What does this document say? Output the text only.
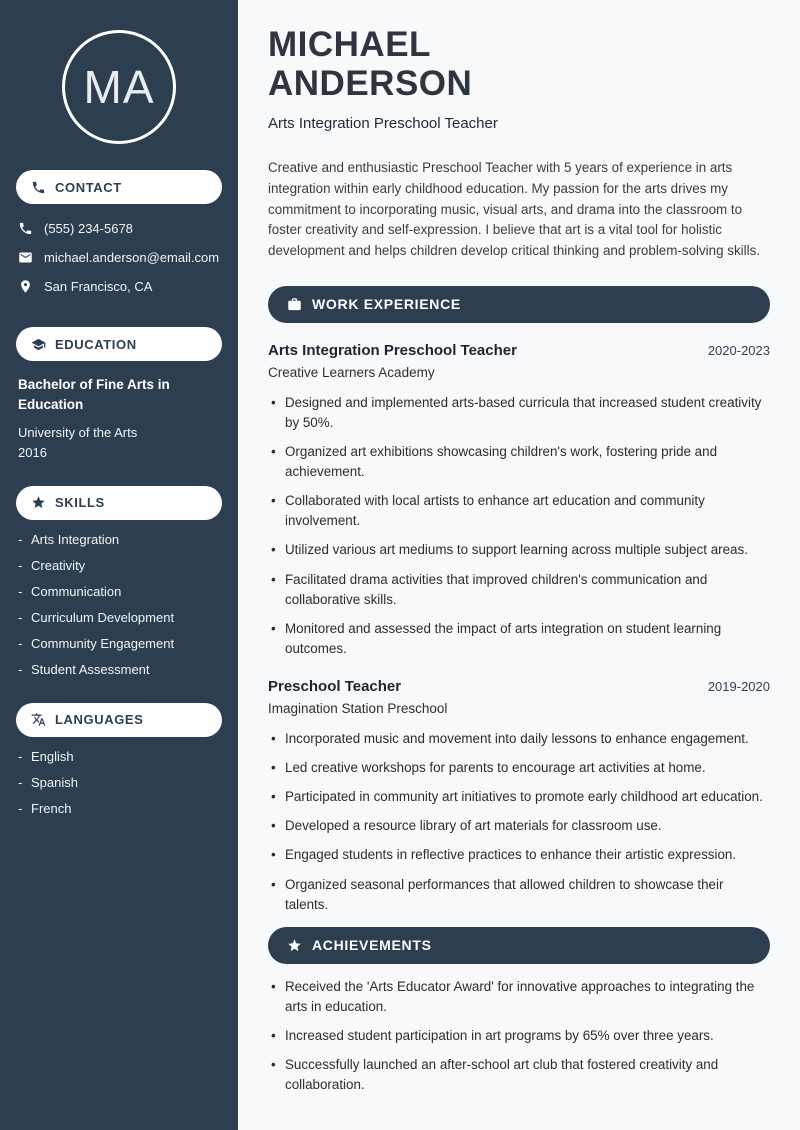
MA
CONTACT
(555) 234-5678
michael.anderson@email.com
San Francisco, CA
EDUCATION
Bachelor of Fine Arts in Education
University of the Arts
2016
SKILLS
- Arts Integration
- Creativity
- Communication
- Curriculum Development
- Community Engagement
- Student Assessment
LANGUAGES
- English
- Spanish
- French
MICHAEL
ANDERSON
Arts Integration Preschool Teacher

Creative and enthusiastic Preschool Teacher with 5 years of experience in arts integration within early childhood education. My passion for the arts drives my commitment to incorporating music, visual arts, and drama into the classroom to foster creativity and self-expression. I believe that art is a vital tool for holistic development and helps children develop critical thinking and problem-solving skills.

WORK EXPERIENCE
Arts Integration Preschool Teacher	2020-2023
Creative Learners Academy
• Designed and implemented arts-based curricula that increased student creativity by 50%.
• Organized art exhibitions showcasing children's work, fostering pride and achievement.
• Collaborated with local artists to enhance art education and community involvement.
• Utilized various art mediums to support learning across multiple subject areas.
• Facilitated drama activities that improved children's communication and collaborative skills.
• Monitored and assessed the impact of arts integration on student learning outcomes.
Preschool Teacher	2019-2020
Imagination Station Preschool
• Incorporated music and movement into daily lessons to enhance engagement.
• Led creative workshops for parents to encourage art activities at home.
• Participated in community art initiatives to promote early childhood art education.
• Developed a resource library of art materials for classroom use.
• Engaged students in reflective practices to enhance their artistic expression.
• Organized seasonal performances that allowed children to showcase their talents.
ACHIEVEMENTS
• Received the 'Arts Educator Award' for innovative approaches to integrating the arts in education.
• Increased student participation in art programs by 65% over three years.
• Successfully launched an after-school art club that fostered creativity and collaboration.
